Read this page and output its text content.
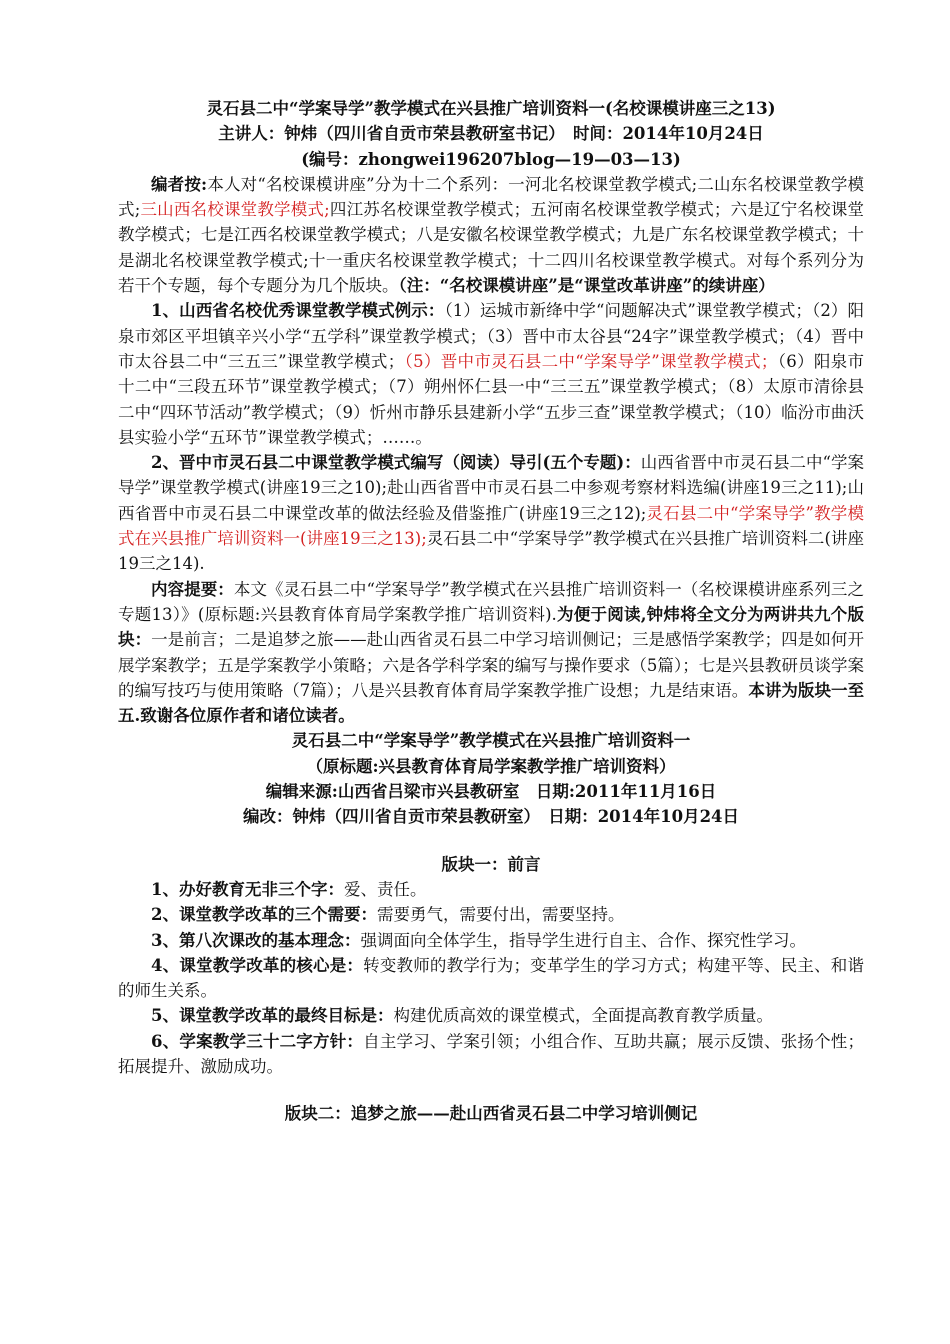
灵石县二中“学案导学”教学模式在兴县推广培训资料一(名校课模讲座三之13)

主讲人：钟炜（四川省自贡市荣县教研室书记）　时间：2014年10月24日

(编号：zhongwei196207blog—19—03—13)

编者按:本人对“名校课模讲座”分为十二个系列：一河北名校课堂教学模式;二山东名校课堂教学模式;三山西名校课堂教学模式;四江苏名校课堂教学模式；五河南名校课堂教学模式；六是辽宁名校课堂教学模式；七是江西名校课堂教学模式；八是安徽名校课堂教学模式；九是广东名校课堂教学模式；十是湖北名校课堂教学模式;十一重庆名校课堂教学模式；十二四川名校课堂教学模式。对每个系列分为若干个专题，每个专题分为几个版块。（注：“名校课模讲座”是“课堂改革讲座”的续讲座）

1、山西省名校优秀课堂教学模式例示：（1）运城市新绛中学“问题解决式”课堂教学模式；（2）阳泉市郊区平坦镇辛兴小学“五学科”课堂教学模式；（3）晋中市太谷县“24字”课堂教学模式；（4）晋中市太谷县二中“三五三”课堂教学模式；（5）晋中市灵石县二中“学案导学”课堂教学模式；（6）阳泉市十二中“三段五环节”课堂教学模式；（7）朔州怀仁县一中“三三五”课堂教学模式；（8）太原市清徐县二中“四环节活动”教学模式；（9）忻州市静乐县建新小学“五步三查”课堂教学模式；（10）临汾市曲沃县实验小学“五环节”课堂教学模式；……。

2、晋中市灵石县二中课堂教学模式编写（阅读）导引(五个专题)：山西省晋中市灵石县二中“学案导学”课堂教学模式(讲座19三之10);赴山西省晋中市灵石县二中参观考察材料选编(讲座19三之11);山西省晋中市灵石县二中课堂改革的做法经验及借鉴推广(讲座19三之12);灵石县二中“学案导学”教学模式在兴县推广培训资料一(讲座19三之13);灵石县二中“学案导学”教学模式在兴县推广培训资料二(讲座19三之14).

内容提要：本文《灵石县二中“学案导学”教学模式在兴县推广培训资料一（名校课模讲座系列三之专题13）》(原标题:兴县教育体育局学案教学推广培训资料).为便于阅读,钟炜将全文分为两讲共九个版块：一是前言；二是追梦之旅——赴山西省灵石县二中学习培训侧记；三是感悟学案教学；四是如何开展学案教学；五是学案教学小策略；六是各学科学案的编写与操作要求（5篇）；七是兴县教研员谈学案的编写技巧与使用策略（7篇）；八是兴县教育体育局学案教学推广设想；九是结束语。本讲为版块一至五.致谢各位原作者和诸位读者。

灵石县二中“学案导学”教学模式在兴县推广培训资料一

（原标题:兴县教育体育局学案教学推广培训资料）

编辑来源:山西省吕梁市兴县教研室　日期:2011年11月16日

编改：钟炜（四川省自贡市荣县教研室）　日期：2014年10月24日

版块一：前言

1、办好教育无非三个字：爱、责任。

2、课堂教学改革的三个需要：需要勇气，需要付出，需要坚持。

3、第八次课改的基本理念：强调面向全体学生，指导学生进行自主、合作、探究性学习。

4、课堂教学改革的核心是：转变教师的教学行为；变革学生的学习方式；构建平等、民主、和谐的师生关系。

5、课堂教学改革的最终目标是：构建优质高效的课堂模式，全面提高教育教学质量。

6、学案教学三十二字方针：自主学习、学案引领；小组合作、互助共赢；展示反馈、张扬个性；拓展提升、激励成功。

版块二：追梦之旅——赴山西省灵石县二中学习培训侧记
